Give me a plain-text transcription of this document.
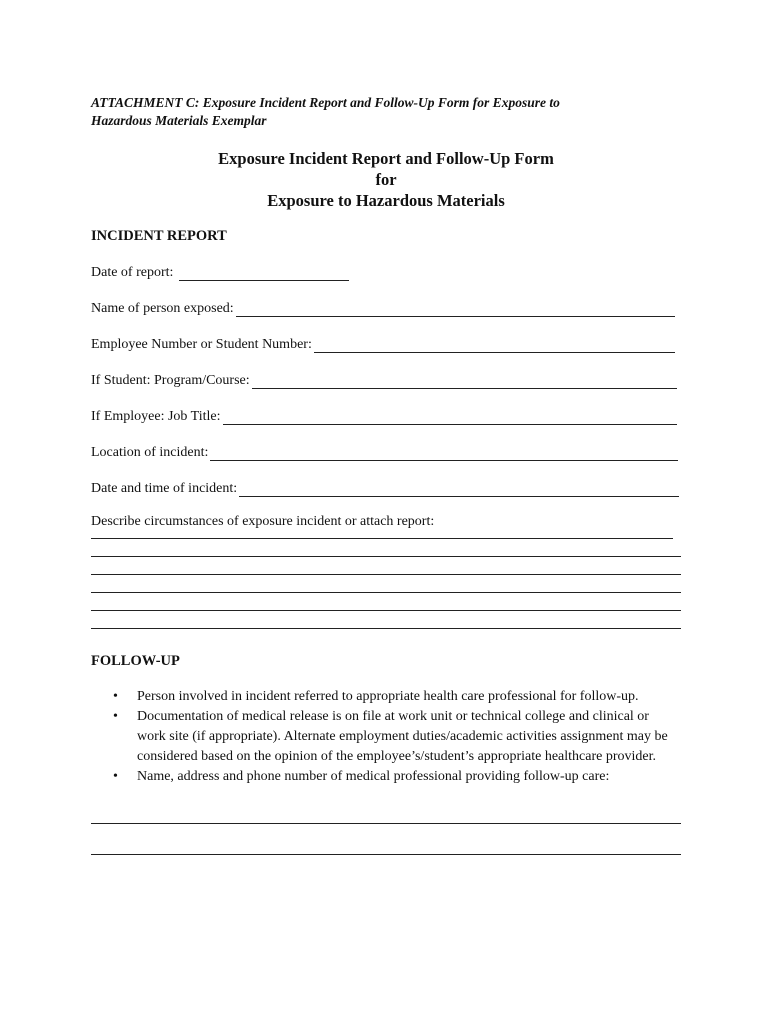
ATTACHMENT C: Exposure Incident Report and Follow-Up Form for Exposure to
Hazardous Materials Exemplar

Exposure Incident Report and Follow-Up Form
for
Exposure to Hazardous Materials
INCIDENT REPORT
Date of report:
Name of person exposed:
Employee Number or Student Number:
If Student: Program/Course:
If Employee: Job Title:
Location of incident:
Date and time of incident:
Describe circumstances of exposure incident or attach report:
FOLLOW-UP
• Person involved in incident referred to appropriate health care professional for follow-up.
• Documentation of medical release is on file at work unit or technical college and clinical or work site (if appropriate). Alternate employment duties/academic activities assignment may be considered based on the opinion of the employee’s/student’s appropriate healthcare provider.
• Name, address and phone number of medical professional providing follow-up care:
